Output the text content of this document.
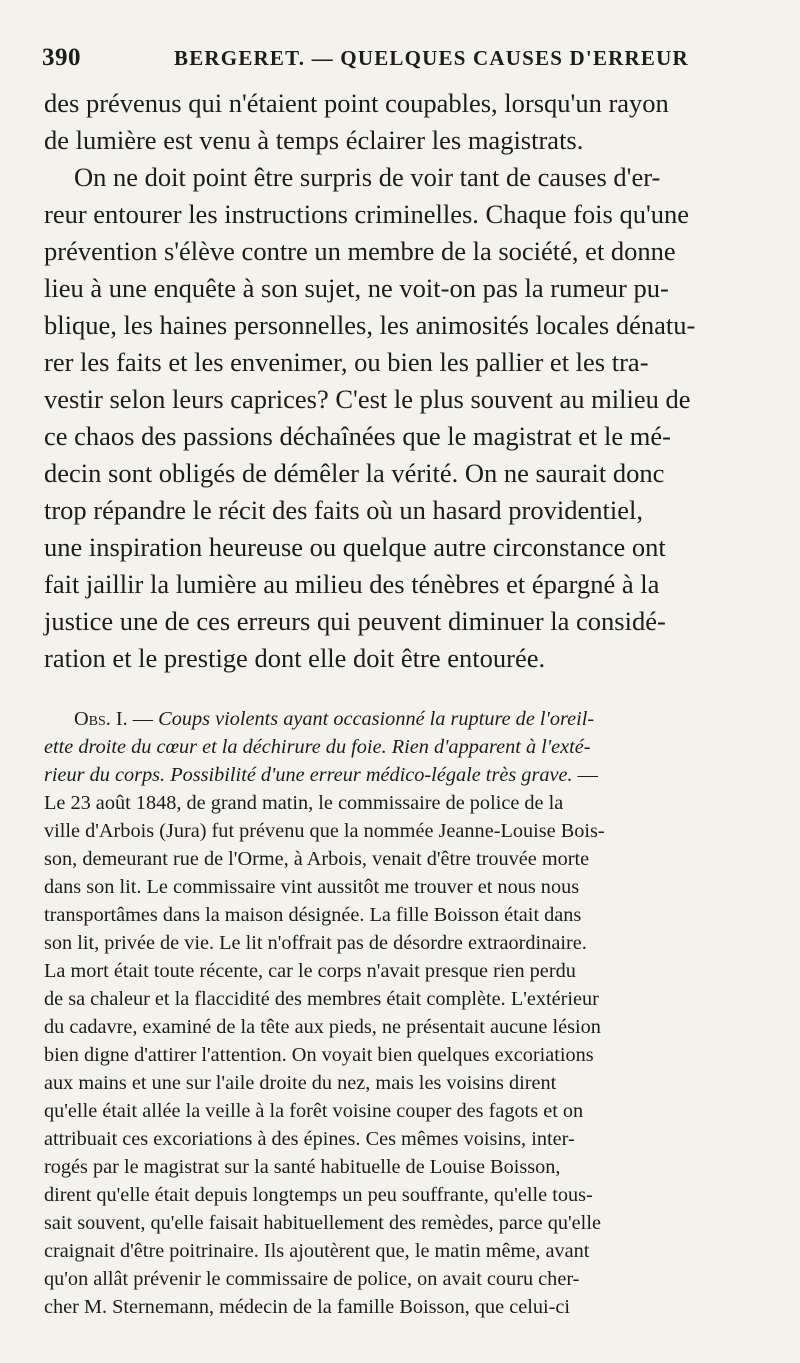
390	BERGERET. — QUELQUES CAUSES D'ERREUR
des prévenus qui n'étaient point coupables, lorsqu'un rayon
de lumière est venu à temps éclairer les magistrats.
On ne doit point être surpris de voir tant de causes d'er-
reur entourer les instructions criminelles. Chaque fois qu'une
prévention s'élève contre un membre de la société, et donne
lieu à une enquête à son sujet, ne voit-on pas la rumeur pu-
blique, les haines personnelles, les animosités locales dénatu-
rer les faits et les envenimer, ou bien les pallier et les tra-
vestir selon leurs caprices? C'est le plus souvent au milieu de
ce chaos des passions déchaînées que le magistrat et le mé-
decin sont obligés de démêler la vérité. On ne saurait donc
trop répandre le récit des faits où un hasard providentiel,
une inspiration heureuse ou quelque autre circonstance ont
fait jaillir la lumière au milieu des ténèbres et épargné à la
justice une de ces erreurs qui peuvent diminuer la considé-
ration et le prestige dont elle doit être entourée.
Obs. I. — Coups violents ayant occasionné la rupture de l'oreil-
ette droite du cœur et la déchirure du foie. Rien d'apparent à l'exté-
rieur du corps. Possibilité d'une erreur médico-légale très grave. —
Le 23 août 1848, de grand matin, le commissaire de police de la
ville d'Arbois (Jura) fut prévenu que la nommée Jeanne-Louise Bois-
son, demeurant rue de l'Orme, à Arbois, venait d'être trouvée morte
dans son lit. Le commissaire vint aussitôt me trouver et nous nous
transportâmes dans la maison désignée. La fille Boisson était dans
son lit, privée de vie. Le lit n'offrait pas de désordre extraordinaire.
La mort était toute récente, car le corps n'avait presque rien perdu
de sa chaleur et la flaccidité des membres était complète. L'extérieur
du cadavre, examiné de la tête aux pieds, ne présentait aucune lésion
bien digne d'attirer l'attention. On voyait bien quelques excoriations
aux mains et une sur l'aile droite du nez, mais les voisins dirent
qu'elle était allée la veille à la forêt voisine couper des fagots et on
attribuait ces excoriations à des épines. Ces mêmes voisins, inter-
rogés par le magistrat sur la santé habituelle de Louise Boisson,
dirent qu'elle était depuis longtemps un peu souffrante, qu'elle tous-
sait souvent, qu'elle faisait habituellement des remèdes, parce qu'elle
craignait d'être poitrinaire. Ils ajoutèrent que, le matin même, avant
qu'on allât prévenir le commissaire de police, on avait couru cher-
cher M. Sternemann, médecin de la famille Boisson, que celui-ci
